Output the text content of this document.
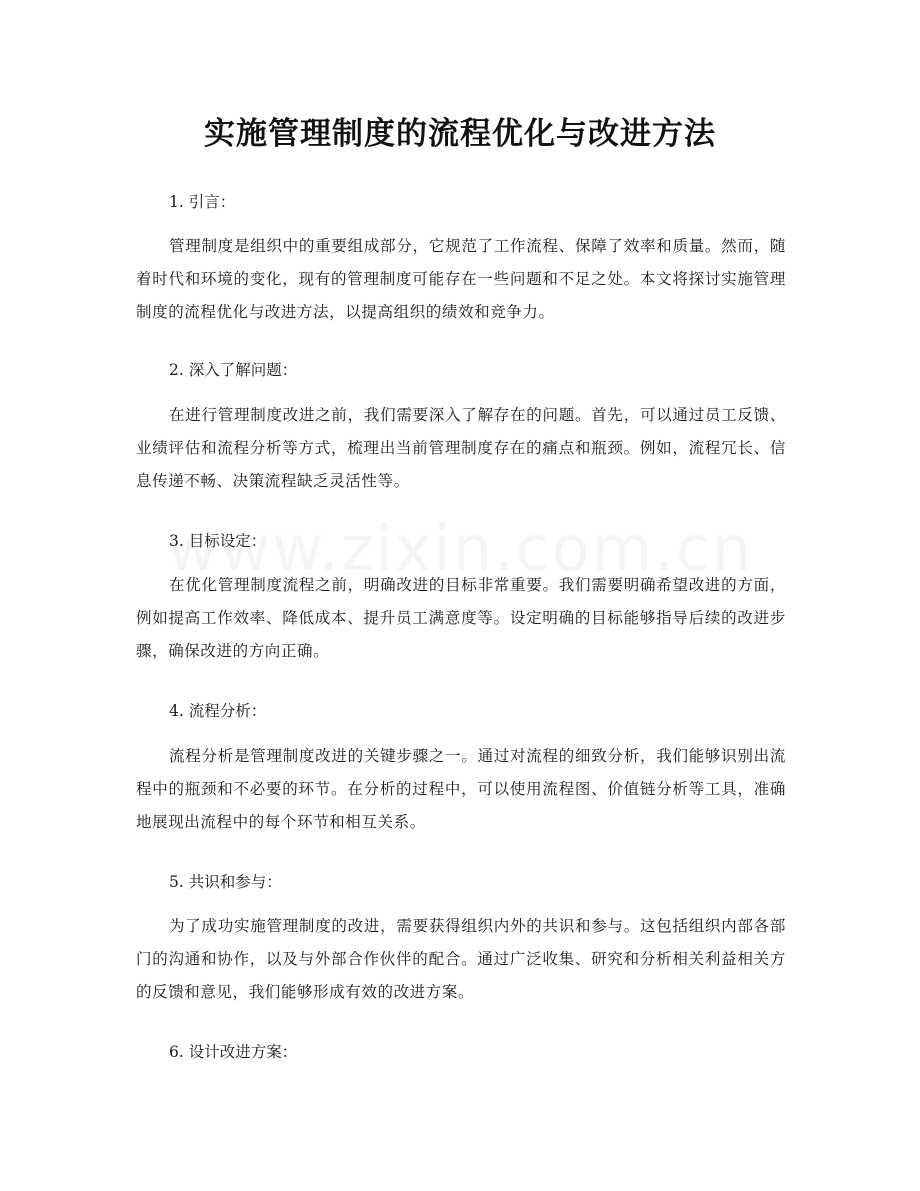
实施管理制度的流程优化与改进方法

1. 引言：

管理制度是组织中的重要组成部分，它规范了工作流程、保障了效率和质量。然而，随着时代和环境的变化，现有的管理制度可能存在一些问题和不足之处。本文将探讨实施管理制度的流程优化与改进方法，以提高组织的绩效和竞争力。

2. 深入了解问题：

在进行管理制度改进之前，我们需要深入了解存在的问题。首先，可以通过员工反馈、业绩评估和流程分析等方式，梳理出当前管理制度存在的痛点和瓶颈。例如，流程冗长、信息传递不畅、决策流程缺乏灵活性等。

3. 目标设定：

在优化管理制度流程之前，明确改进的目标非常重要。我们需要明确希望改进的方面，例如提高工作效率、降低成本、提升员工满意度等。设定明确的目标能够指导后续的改进步骤，确保改进的方向正确。

4. 流程分析：

流程分析是管理制度改进的关键步骤之一。通过对流程的细致分析，我们能够识别出流程中的瓶颈和不必要的环节。在分析的过程中，可以使用流程图、价值链分析等工具，准确地展现出流程中的每个环节和相互关系。

5. 共识和参与：

为了成功实施管理制度的改进，需要获得组织内外的共识和参与。这包括组织内部各部门的沟通和协作，以及与外部合作伙伴的配合。通过广泛收集、研究和分析相关利益相关方的反馈和意见，我们能够形成有效的改进方案。

6. 设计改进方案：
